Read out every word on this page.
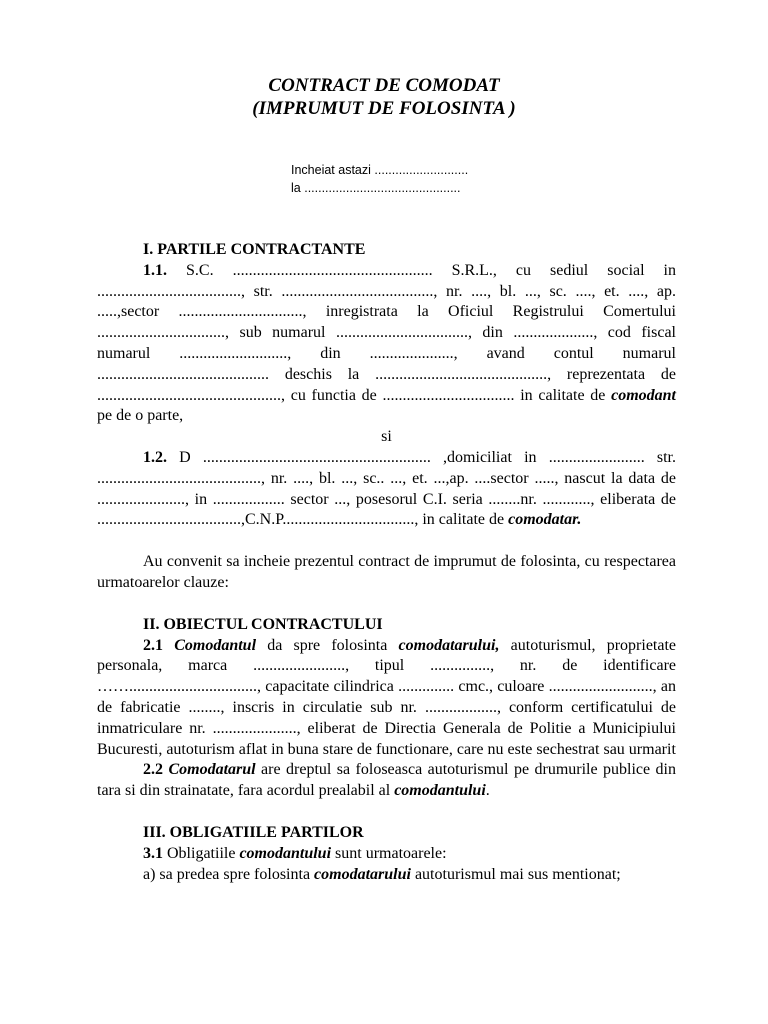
CONTRACT DE COMODAT
(IMPRUMUT DE FOLOSINTA )
Incheiat astazi ...........................
la .............................................

I. PARTILE CONTRACTANTE

1.1. S.C. .................................................. S.R.L., cu sediul social in ...................................., str. ......................................, nr. ...., bl. ..., sc. ...., et. ...., ap. .....,sector ..............................., inregistrata la Oficiul Registrului Comertului ................................, sub numarul ................................., din ...................., cod fiscal numarul ..........................., din ....................., avand contul numarul ........................................... deschis la ..........................................., reprezentata de .............................................., cu functia de ................................. in calitate de comodant pe de o parte,

si

1.2. D ......................................................... ,domiciliat in ........................ str. ........................................., nr. ...., bl. ..., sc.. ..., et. ...,ap. ....sector ....., nascut la data de ......................, in .................. sector ..., posesorul C.I. seria ........nr. ............, eliberata de ....................................,C.N.P................................., in calitate de comodatar.

Au convenit sa incheie prezentul contract de imprumut de folosinta, cu respectarea urmatoarelor clauze:

II. OBIECTUL CONTRACTULUI

2.1 Comodantul da spre folosinta comodatarului, autoturismul, proprietate personala, marca ......................., tipul ..............., nr. de identificare ……................................, capacitate cilindrica .............. cmc., culoare .........................., an de fabricatie ........, inscris in circulatie sub nr. .................., conform certificatului de inmatriculare nr. ....................., eliberat de Directia Generala de Politie a Municipiului Bucuresti, autoturism aflat in buna stare de functionare, care nu este sechestrat sau urmarit

2.2 Comodatarul are dreptul sa foloseasca autoturismul pe drumurile publice din tara si din strainatate, fara acordul prealabil al comodantului.

III. OBLIGATIILE PARTILOR

3.1 Obligatiile comodantului sunt urmatoarele:

a) sa predea spre folosinta comodatarului autoturismul mai sus mentionat;
